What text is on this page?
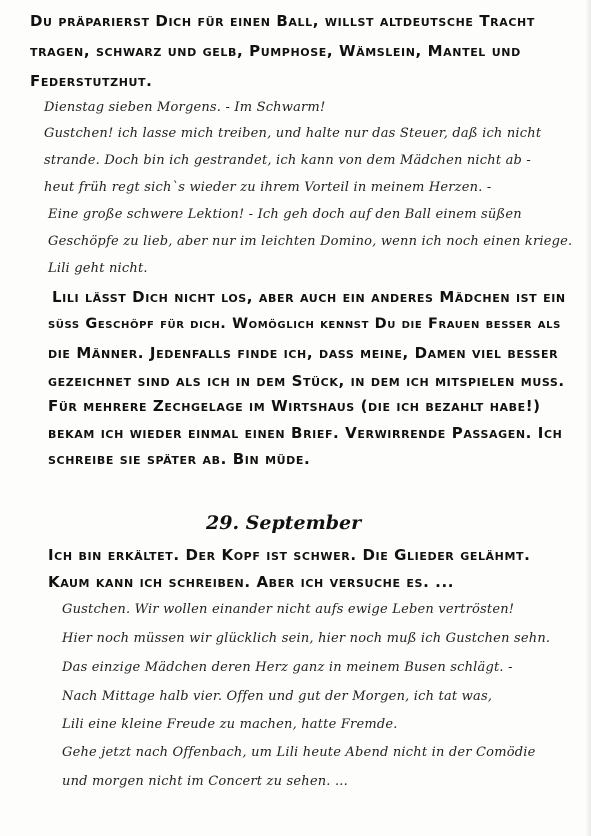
Du präparierst Dich für einen Ball, willst altdeutsche Tracht
tragen, schwarz und gelb, Pumphose, Wämslein, Mantel und
Federstutzhut.
Dienstag sieben Morgens. - Im Schwarm!
Gustchen! ich lasse mich treiben, und halte nur das Steuer, daß ich nicht
strande. Doch bin ich gestrandet, ich kann von dem Mädchen nicht ab -
heut früh regt sich`s wieder zu ihrem Vorteil in meinem Herzen. -
Eine große schwere Lektion! - Ich geh doch auf den Ball einem süßen
Geschöpfe zu lieb, aber nur im leichten Domino, wenn ich noch einen kriege.
Lili geht nicht.
Lili lässt Dich nicht los, aber auch ein anderes Mädchen ist ein
süss Geschöpf für dich. Womöglich kennst Du die Frauen besser als
die Männer. Jedenfalls finde ich, dass meine, Damen viel besser
gezeichnet sind als ich in dem Stück, in dem ich mitspielen muss.
Für mehrere Zechgelage im Wirtshaus (die ich bezahlt habe!)
bekam ich wieder einmal einen Brief. Verwirrende Passagen. Ich
schreibe sie später ab. Bin müde.
29. September
Ich bin erkältet. Der Kopf ist schwer. Die Glieder gelähmt.
Kaum kann ich schreiben. Aber ich versuche es. ...
Gustchen. Wir wollen einander nicht aufs ewige Leben vertrösten!
Hier noch müssen wir glücklich sein, hier noch muß ich Gustchen sehn.
Das einzige Mädchen deren Herz ganz in meinem Busen schlägt. -
Nach Mittage halb vier. Offen und gut der Morgen, ich tat was,
Lili eine kleine Freude zu machen, hatte Fremde.
Gehe jetzt nach Offenbach, um Lili heute Abend nicht in der Comödie
und morgen nicht im Concert zu sehen. ...
